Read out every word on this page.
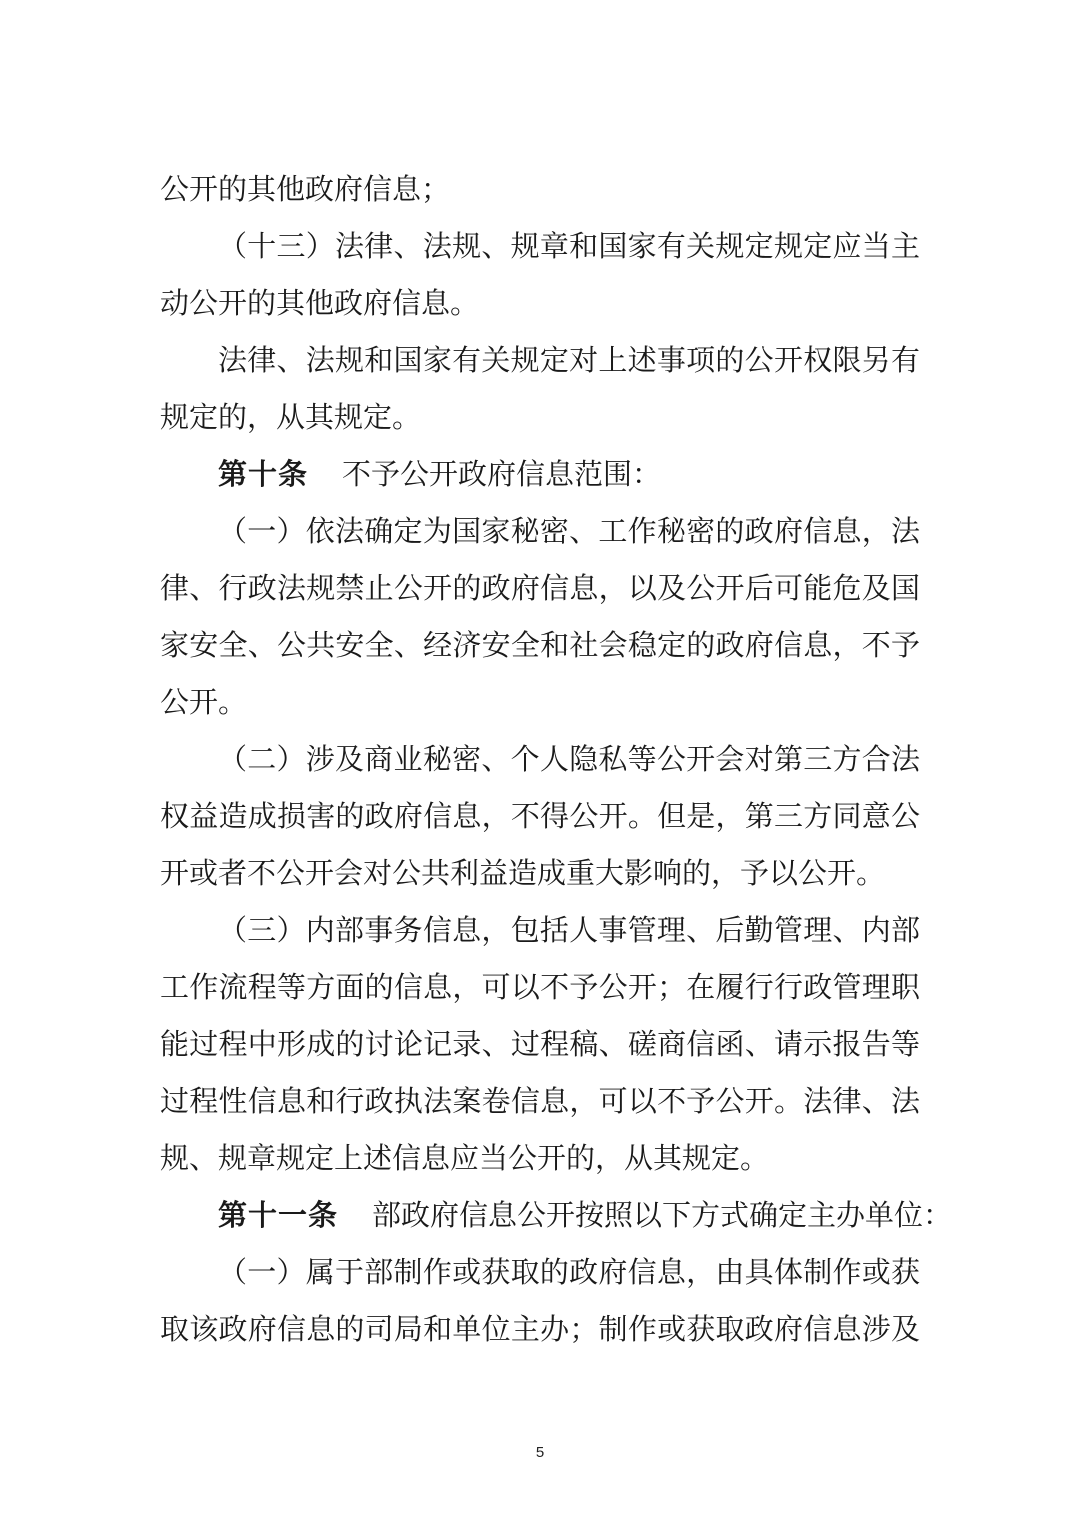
公开的其他政府信息；
（十三）法律、法规、规章和国家有关规定规定应当主
动公开的其他政府信息。
法律、法规和国家有关规定对上述事项的公开权限另有
规定的，从其规定。
第十条 不予公开政府信息范围：
（一）依法确定为国家秘密、工作秘密的政府信息，法
律、行政法规禁止公开的政府信息，以及公开后可能危及国
家安全、公共安全、经济安全和社会稳定的政府信息，不予
公开。
（二）涉及商业秘密、个人隐私等公开会对第三方合法
权益造成损害的政府信息，不得公开。但是，第三方同意公
开或者不公开会对公共利益造成重大影响的，予以公开。
（三）内部事务信息，包括人事管理、后勤管理、内部
工作流程等方面的信息，可以不予公开；在履行行政管理职
能过程中形成的讨论记录、过程稿、磋商信函、请示报告等
过程性信息和行政执法案卷信息，可以不予公开。法律、法
规、规章规定上述信息应当公开的，从其规定。
第十一条 部政府信息公开按照以下方式确定主办单位：
（一）属于部制作或获取的政府信息，由具体制作或获
取该政府信息的司局和单位主办；制作或获取政府信息涉及
5
